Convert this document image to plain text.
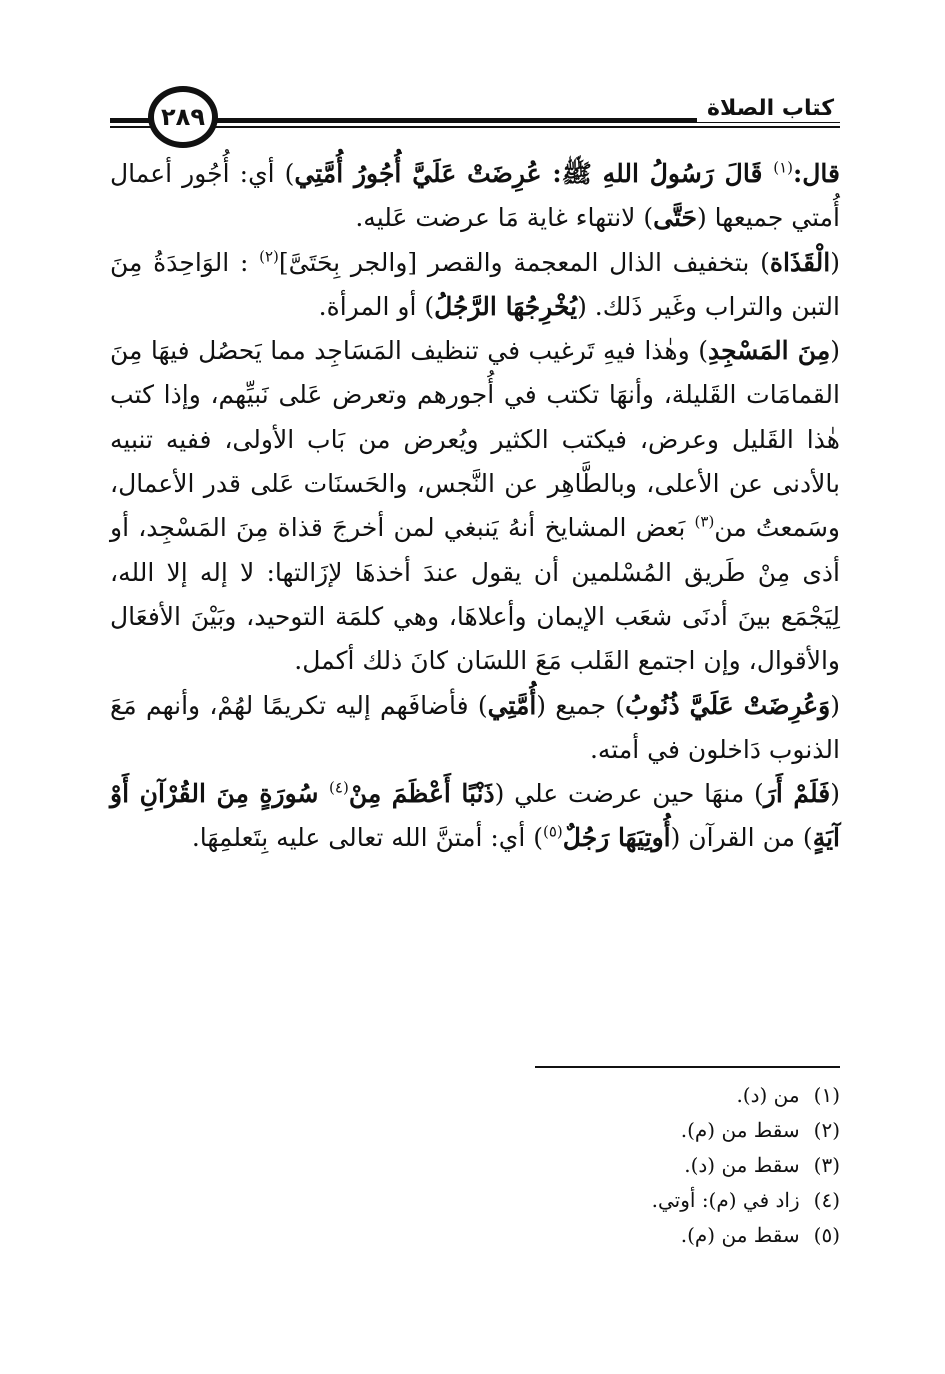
كتاب الصلاة
٢٨٩

قال:$^{(١)}$ قَالَ رَسُولُ اللهِ ﷺ: عُرِضَتْ عَلَيَّ أُجُورُ أُمَّتِي) أي: أُجُور أعمال أُمتي جميعها (حَتَّى) لانتهاء غاية مَا عرضت عَليه.

(الْقَذَاة) بتخفيف الذال المعجمة والقصر [والجر بِحَتَىَّ]$^{(٢)}$ : الوَاحِدَةُ مِنَ التبن والتراب وغَير ذَلك. (يُخْرِجُهَا الرَّجُلُ) أو المرأة.

(مِنَ المَسْجِدِ) وهٰذا فيهِ تَرغيب في تنظيف المَسَاجِد مما يَحصُل فيهَا مِنَ القمامَات القَليلة، وأنهَا تكتب في أُجورهم وتعرض عَلى نَبيِّهم، وإذا كتب هٰذا القَليل وعرض، فيكتب الكثير ويُعرض من بَاب الأولى، ففيه تنبيه بالأدنى عن الأعلى، وبالطَّاهِر عن النَّجس، والحَسنَات عَلى قدر الأعمال، وسَمعتُ من$^{(٣)}$ بَعض المشايخ أنهُ يَنبغي لمن أخرجَ قذاة مِنَ المَسْجِد، أو أذى مِنْ طَريق المُسْلمين أن يقول عندَ أخذهَا لإزَالتها: لا إله إلا الله، لِيَجْمَع بينَ أدنَى شعَب الإيمان وأعلاهَا، وهي كلمَة التوحيد، وبَيْنَ الأفعَال والأقوال، وإن اجتمع القَلب مَعَ اللسَان كانَ ذلك أكمل.

(وَعُرِضَتْ عَلَيَّ ذُنُوبُ) جميع (أُمَّتِي) فأضافَهم إليه تكريمًا لهُمْ، وأنهم مَعَ الذنوب دَاخلون في أمته.

(فَلَمْ أَرَ) منهَا حين عرضت علي (ذَنْبًا أَعْظَمَ مِنْ$^{(٤)}$ سُورَةٍ مِنَ القُرْآنِ أَوْ آيَةٍ) من القرآن (أُوتِيَهَا رَجُلٌ$^{(٥)}$) أي: أمتنَّ الله تعالى عليه بِتَعلمِهَا.

(١)
من (د).
(٢)
سقط من (م).
(٣)
سقط من (د).
(٤)
زاد في (م): أوتي.
(٥)
سقط من (م).
